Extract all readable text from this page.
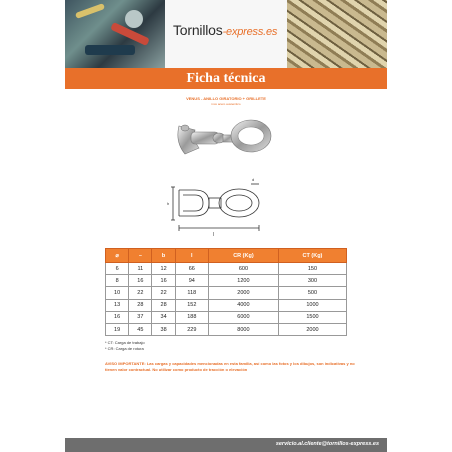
Tornillos-express.es
Ficha técnica
VENUS - ANILLO GIRATORIO + GRILLETE
inox acero austenitico
l
d
h
⌀	–	b	l	CR (Kg)	CT (Kg)
6	11	12	66	600	150
8	16	16	94	1200	300
10	22	22	118	2000	500
13	28	28	152	4000	1000
16	37	34	188	6000	1500
19	45	38	229	8000	2000
* CT: Carga de trabajo
* CR: Carga de rotura
AVISO IMPORTANTE: Las cargas y capacidades mencionadas en esta familia, así como las fotos y los dibujos, son indicativas y no tienen valor contractual. No utilizar como producto de tracción o elevación
servicio.al.cliente@tornillos-express.es
